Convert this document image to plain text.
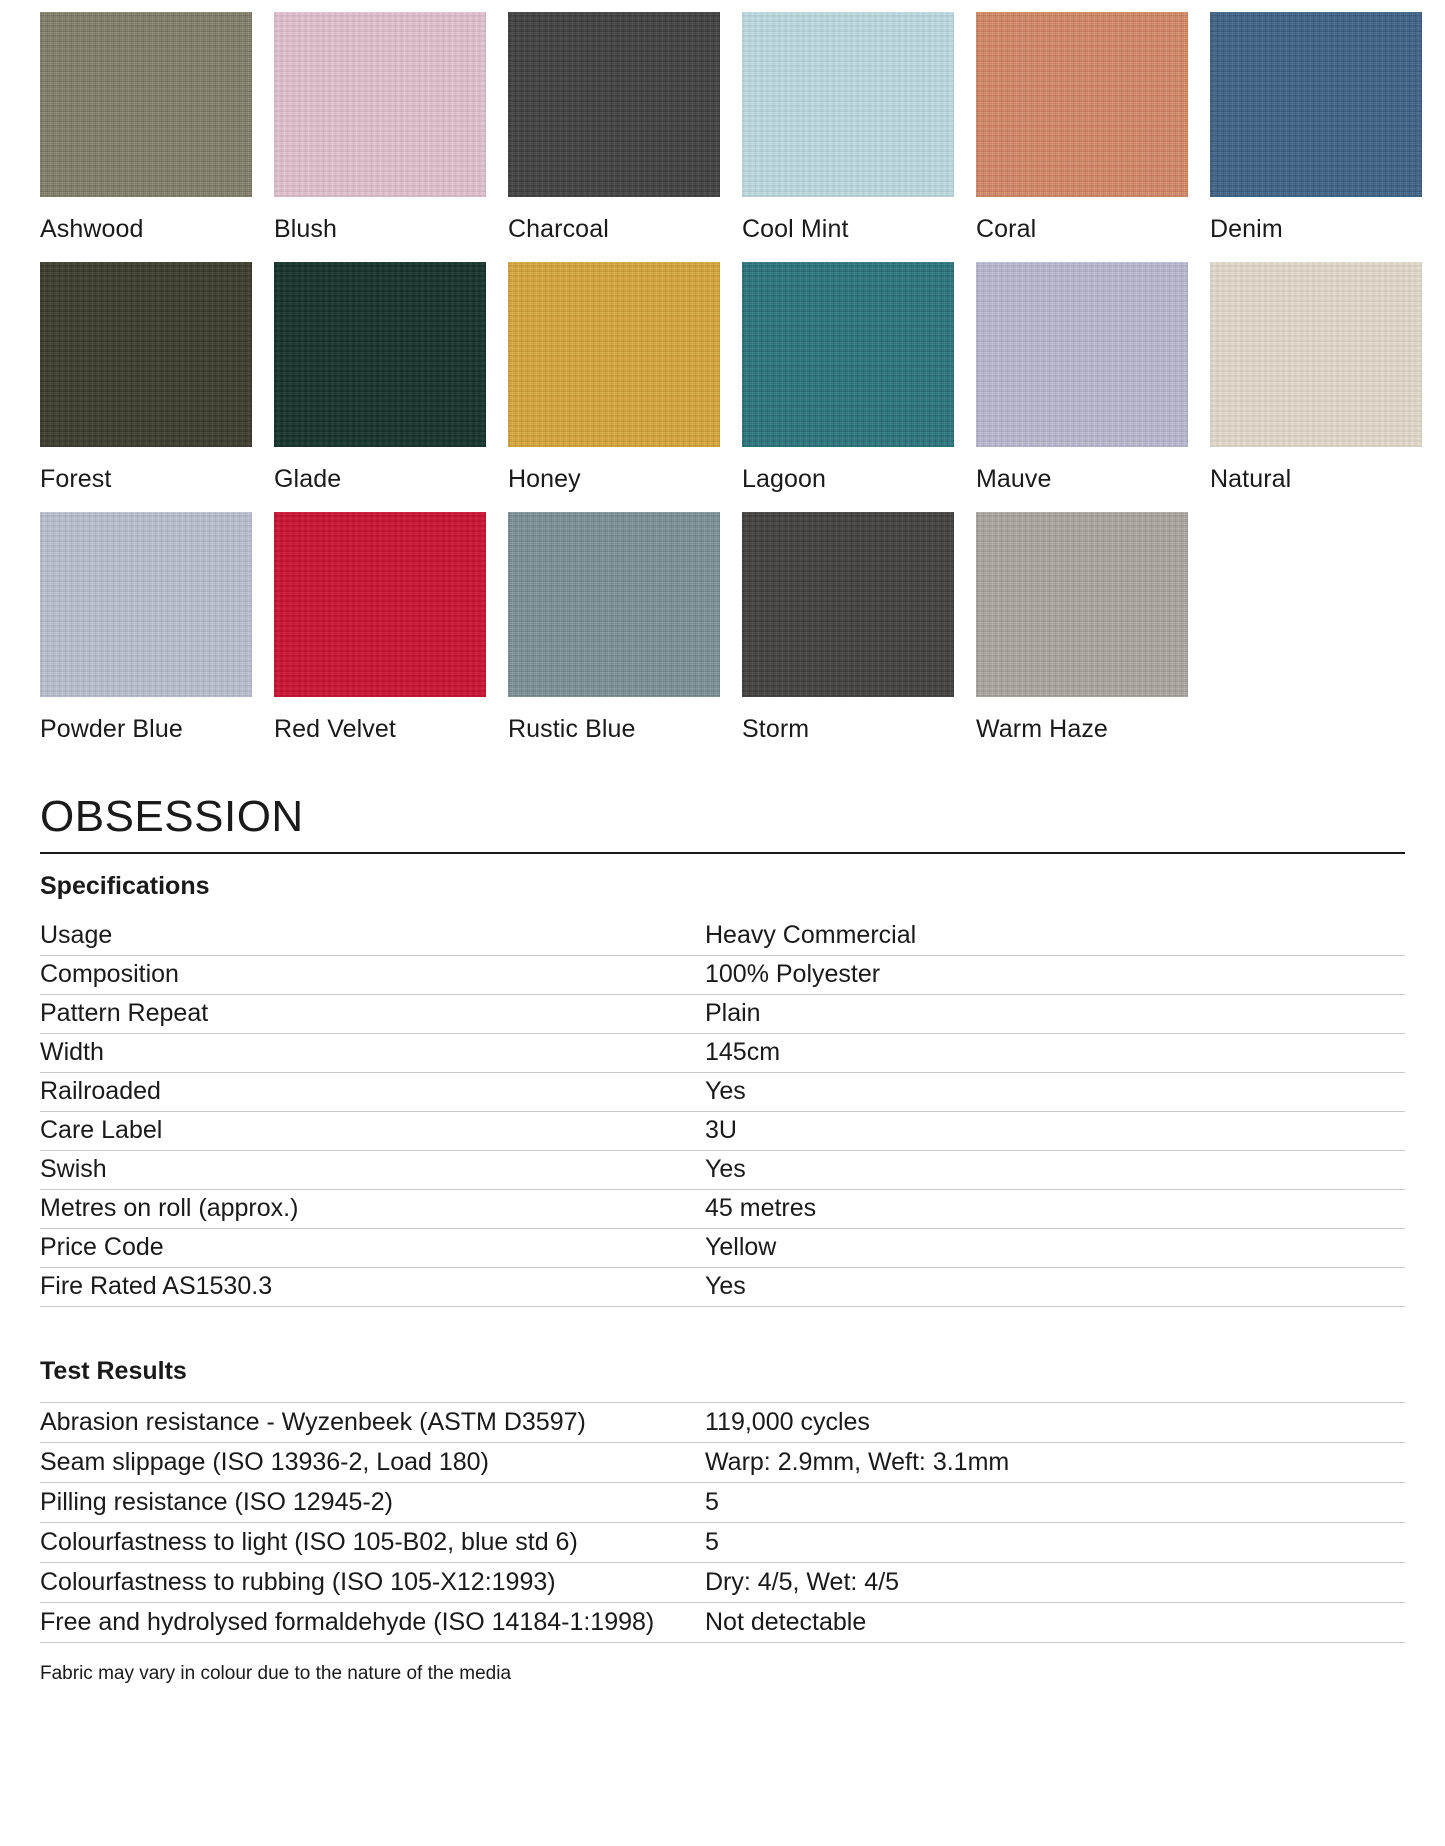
Ashwood	Blush	Charcoal	Cool Mint	Coral	Denim
Forest	Glade	Honey	Lagoon	Mauve	Natural
Powder Blue	Red Velvet	Rustic Blue	Storm	Warm Haze
OBSESSION
Specifications
Usage	Heavy Commercial
Composition	100% Polyester
Pattern Repeat	Plain
Width	145cm
Railroaded	Yes
Care Label	3U
Swish	Yes
Metres on roll (approx.)	45 metres
Price Code	Yellow
Fire Rated AS1530.3	Yes
Test Results
Abrasion resistance - Wyzenbeek (ASTM D3597)	119,000 cycles
Seam slippage (ISO 13936-2, Load 180)	Warp: 2.9mm, Weft: 3.1mm
Pilling resistance (ISO 12945-2)	5
Colourfastness to light (ISO 105-B02, blue std 6)	5
Colourfastness to rubbing (ISO 105-X12:1993)	Dry: 4/5, Wet: 4/5
Free and hydrolysed formaldehyde (ISO 14184-1:1998)	Not detectable
Fabric may vary in colour due to the nature of the media
